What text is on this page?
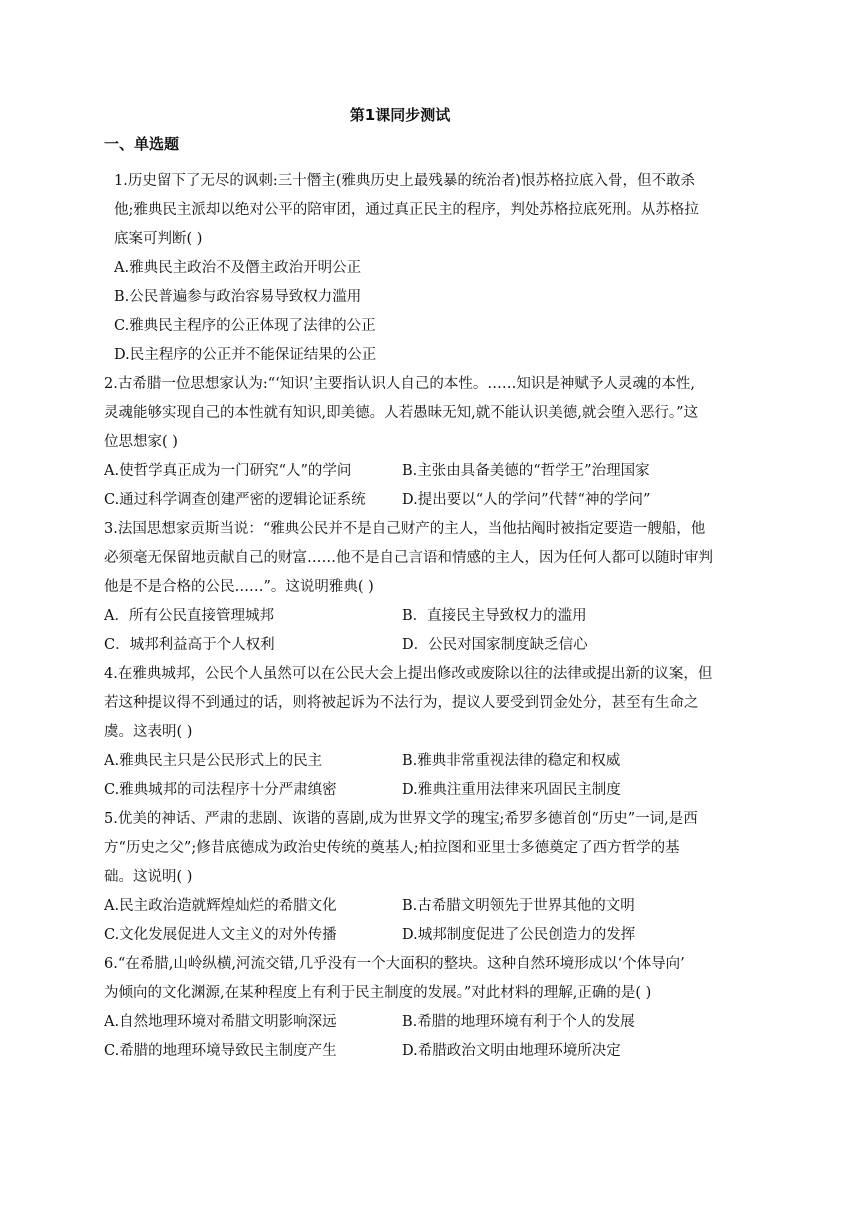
第1课同步测试
一、单选题
1.历史留下了无尽的讽刺:三十僭主(雅典历史上最残暴的统治者)恨苏格拉底入骨，但不敢杀
他;雅典民主派却以绝对公平的陪审团，通过真正民主的程序，判处苏格拉底死刑。从苏格拉
底案可判断( )
A.雅典民主政治不及僭主政治开明公正
B.公民普遍参与政治容易导致权力滥用
C.雅典民主程序的公正体现了法律的公正
D.民主程序的公正并不能保证结果的公正
2.古希腊一位思想家认为:“‘知识’主要指认识人自己的本性。……知识是神赋予人灵魂的本性,
灵魂能够实现自己的本性就有知识,即美德。人若愚昧无知,就不能认识美德,就会堕入恶行。”这
位思想家( )
A.使哲学真正成为一门研究“人”的学问	B.主张由具备美德的“哲学王”治理国家
C.通过科学调查创建严密的逻辑论证系统	D.提出要以“人的学问”代替“神的学问”
3.法国思想家贡斯当说：“雅典公民并不是自己财产的主人，当他拈阄时被指定要造一艘船，他
必须毫无保留地贡献自己的财富……他不是自己言语和情感的主人，因为任何人都可以随时审判
他是不是合格的公民……”。这说明雅典( )
A．所有公民直接管理城邦	B．直接民主导致权力的滥用
C．城邦利益高于个人权利	D．公民对国家制度缺乏信心
4.在雅典城邦，公民个人虽然可以在公民大会上提出修改或废除以往的法律或提出新的议案，但
若这种提议得不到通过的话，则将被起诉为不法行为，提议人要受到罚金处分，甚至有生命之
虞。这表明( )
A.雅典民主只是公民形式上的民主	B.雅典非常重视法律的稳定和权威
C.雅典城邦的司法程序十分严肃缜密	D.雅典注重用法律来巩固民主制度
5.优美的神话、严肃的悲剧、诙谐的喜剧,成为世界文学的瑰宝;希罗多德首创“历史”一词,是西
方“历史之父”;修昔底德成为政治史传统的奠基人;柏拉图和亚里士多德奠定了西方哲学的基
础。这说明( )
A.民主政治造就辉煌灿烂的希腊文化	B.古希腊文明领先于世界其他的文明
C.文化发展促进人文主义的对外传播	D.城邦制度促进了公民创造力的发挥
6.“在希腊,山岭纵横,河流交错,几乎没有一个大面积的整块。这种自然环境形成以‘个体导向’
为倾向的文化渊源,在某种程度上有利于民主制度的发展。”对此材料的理解,正确的是( )
A.自然地理环境对希腊文明影响深远	B.希腊的地理环境有利于个人的发展
C.希腊的地理环境导致民主制度产生	D.希腊政治文明由地理环境所决定
